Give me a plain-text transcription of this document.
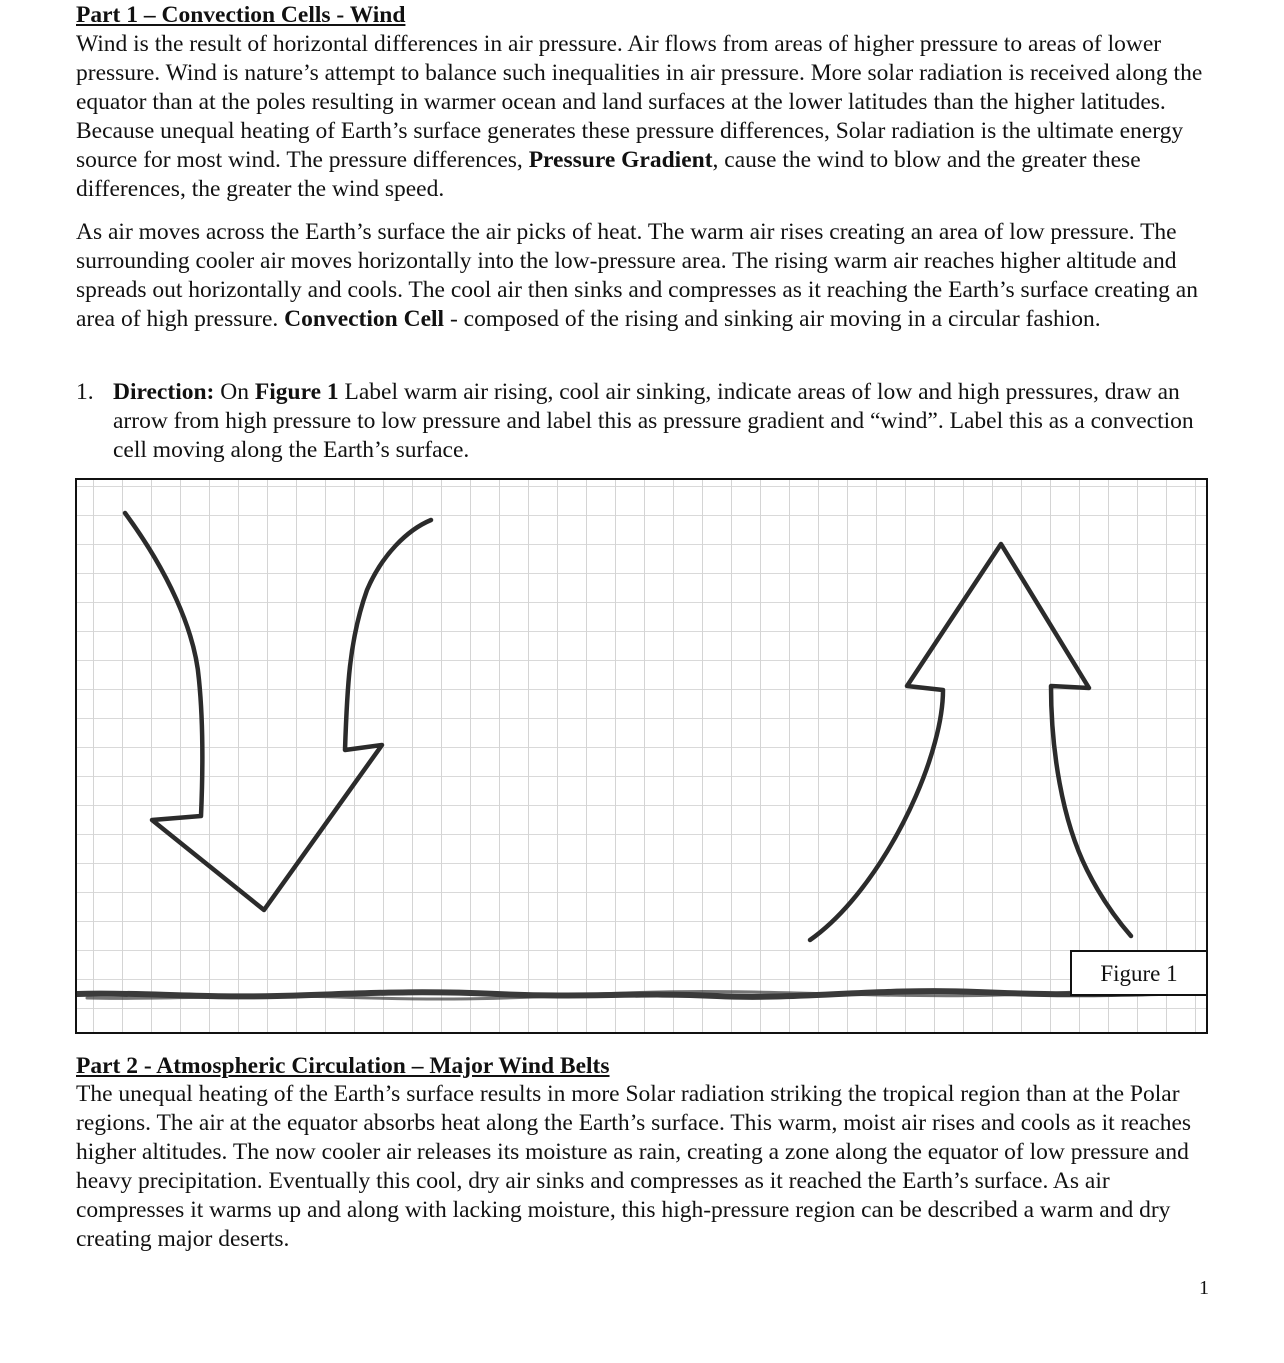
Part 1 – Convection Cells - Wind

Wind is the result of horizontal differences in air pressure. Air flows from areas of higher pressure to areas of lower pressure. Wind is nature’s attempt to balance such inequalities in air pressure. More solar radiation is received along the equator than at the poles resulting in warmer ocean and land surfaces at the lower latitudes than the higher latitudes. Because unequal heating of Earth’s surface generates these pressure differences, Solar radiation is the ultimate energy source for most wind. The pressure differences, Pressure Gradient, cause the wind to blow and the greater these differences, the greater the wind speed.

As air moves across the Earth’s surface the air picks of heat. The warm air rises creating an area of low pressure. The surrounding cooler air moves horizontally into the low-pressure area. The rising warm air reaches higher altitude and spreads out horizontally and cools. The cool air then sinks and compresses as it reaching the Earth’s surface creating an area of high pressure. Convection Cell - composed of the rising and sinking air moving in a circular fashion.

1. Direction: On Figure 1 Label warm air rising, cool air sinking, indicate areas of low and high pressures, draw an arrow from high pressure to low pressure and label this as pressure gradient and “wind”. Label this as a convection cell moving along the Earth’s surface.
Part 2 - Atmospheric Circulation – Major Wind Belts

The unequal heating of the Earth’s surface results in more Solar radiation striking the tropical region than at the Polar regions. The air at the equator absorbs heat along the Earth’s surface. This warm, moist air rises and cools as it reaches higher altitudes. The now cooler air releases its moisture as rain, creating a zone along the equator of low pressure and heavy precipitation. Eventually this cool, dry air sinks and compresses as it reached the Earth’s surface. As air compresses it warms up and along with lacking moisture, this high-pressure region can be described a warm and dry creating major deserts.

Figure 1
1
